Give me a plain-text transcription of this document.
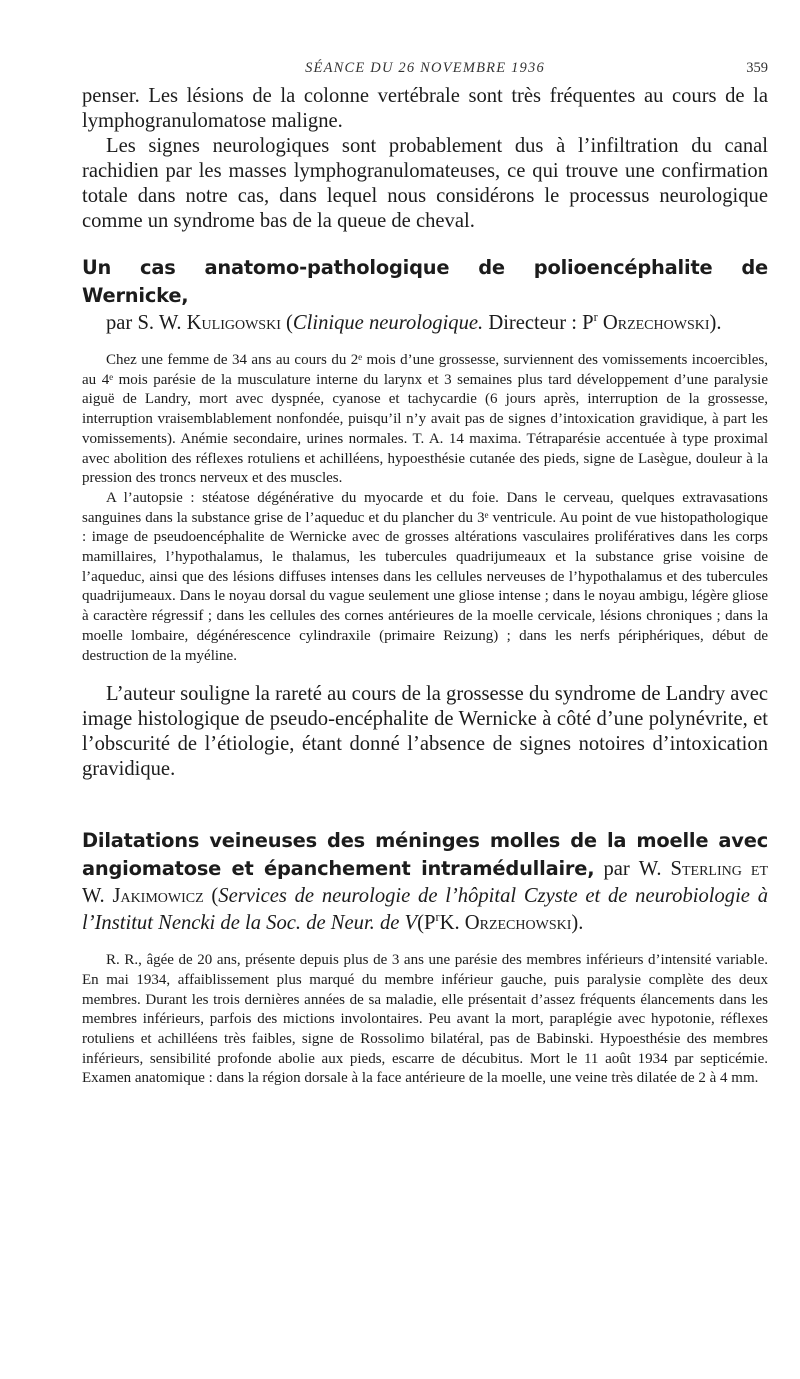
SÉANCE DU 26 NOVEMBRE 1936	359

penser. Les lésions de la colonne vertébrale sont très fréquentes au cours de la lymphogranulomatose maligne.

Les signes neurologiques sont probablement dus à l’infiltration du canal rachidien par les masses lymphogranulomateuses, ce qui trouve une confirmation totale dans notre cas, dans lequel nous considérons le processus neurologique comme un syndrome bas de la queue de cheval.

Un cas anatomo-pathologique de polioencéphalite de Wernicke,
par S. W. Kuligowski (Clinique neurologique. Directeur : $P^r$ Orzechowski).

Chez une femme de 34 ans au cours du 2ᵉ mois d’une grossesse, surviennent des vomissements incoercibles, au 4ᵉ mois parésie de la musculature interne du larynx et 3 semaines plus tard développement d’une paralysie aiguë de Landry, mort avec dyspnée, cyanose et tachycardie (6 jours après, interruption de la grossesse, interruption vraisemblablement nonfondée, puisqu’il n’y avait pas de signes d’intoxication gravidique, à part les vomissements). Anémie secondaire, urines normales. T. A. 14 maxima. Tétraparésie accentuée à type proximal avec abolition des réflexes rotuliens et achilléens, hypoesthésie cutanée des pieds, signe de Lasègue, douleur à la pression des troncs nerveux et des muscles.

A l’autopsie : stéatose dégénérative du myocarde et du foie. Dans le cerveau, quelques extravasations sanguines dans la substance grise de l’aqueduc et du plancher du 3ᵉ ventricule. Au point de vue histopathologique : image de pseudoencéphalite de Wernicke avec de grosses altérations vasculaires prolifératives dans les corps mamillaires, l’hypothalamus, le thalamus, les tubercules quadrijumeaux et la substance grise voisine de l’aqueduc, ainsi que des lésions diffuses intenses dans les cellules nerveuses de l’hypothalamus et des tubercules quadrijumeaux. Dans le noyau dorsal du vague seulement une gliose intense ; dans le noyau ambigu, légère gliose à caractère régressif ; dans les cellules des cornes antérieures de la moelle cervicale, lésions chroniques ; dans la moelle lombaire, dégénérescence cylindraxile (primaire Reizung) ; dans les nerfs périphériques, début de destruction de la myéline.

L’auteur souligne la rareté au cours de la grossesse du syndrome de Landry avec image histologique de pseudo-encéphalite de Wernicke à côté d’une polynévrite, et l’obscurité de l’étiologie, étant donné l’absence de signes notoires d’intoxication gravidique.

Dilatations veineuses des méninges molles de la moelle avec angiomatose et épanchement intramédullaire, par W. Sterling et W. Jakimowicz (Services de neurologie de l’hôpital Czyste et de neurobiologie à l’Institut Nencki de la Soc. de Neur. de $V(P^rK$. Orzechowski).

R. R., âgée de 20 ans, présente depuis plus de 3 ans une parésie des membres inférieurs d’intensité variable. En mai 1934, affaiblissement plus marqué du membre inférieur gauche, puis paralysie complète des deux membres. Durant les trois dernières années de sa maladie, elle présentait d’assez fréquents élancements dans les membres inférieurs, parfois des mictions involontaires. Peu avant la mort, paraplégie avec hypotonie, réflexes rotuliens et achilléens très faibles, signe de Rossolimo bilatéral, pas de Babinski. Hypoesthésie des membres inférieurs, sensibilité profonde abolie aux pieds, escarre de décubitus. Mort le 11 août 1934 par septicémie. Examen anatomique : dans la région dorsale à la face antérieure de la moelle, une veine très dilatée de 2 à 4 mm.
